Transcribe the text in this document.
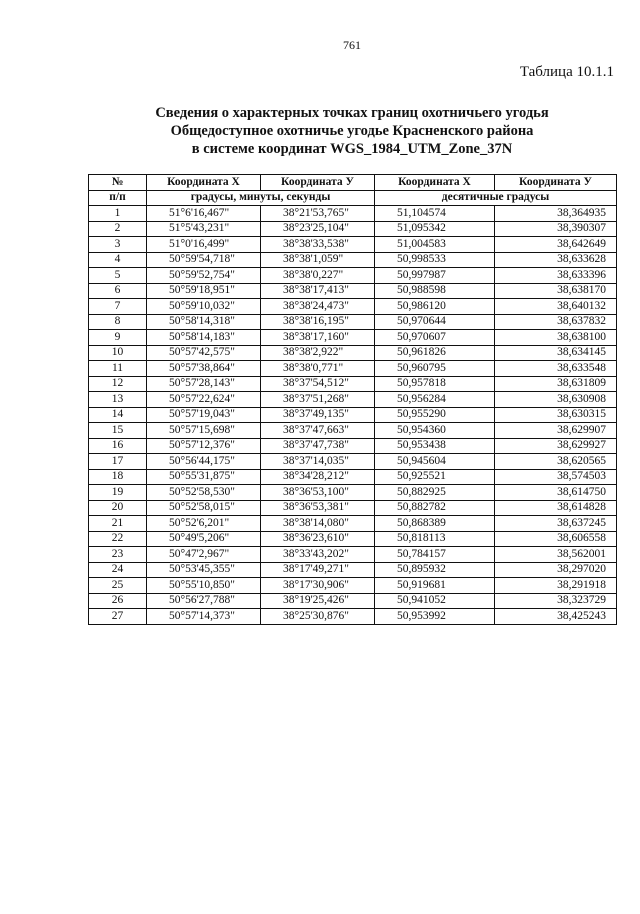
761
Таблица 10.1.1
Сведения о характерных точках границ охотничьего угодья
Общедоступное охотничье угодье Красненского района
в системе координат WGS_1984_UTM_Zone_37N
№	Координата X	Координата У	Координата X	Координата У
п/п	градусы, минуты, секунды		десятичные градусы	
1	51°6'16,467"	38°21'53,765"	51,104574	38,364935
2	51°5'43,231"	38°23'25,104"	51,095342	38,390307
3	51°0'16,499"	38°38'33,538"	51,004583	38,642649
4	50°59'54,718"	38°38'1,059"	50,998533	38,633628
5	50°59'52,754"	38°38'0,227"	50,997987	38,633396
6	50°59'18,951"	38°38'17,413"	50,988598	38,638170
7	50°59'10,032"	38°38'24,473"	50,986120	38,640132
8	50°58'14,318"	38°38'16,195"	50,970644	38,637832
9	50°58'14,183"	38°38'17,160"	50,970607	38,638100
10	50°57'42,575"	38°38'2,922"	50,961826	38,634145
11	50°57'38,864"	38°38'0,771"	50,960795	38,633548
12	50°57'28,143"	38°37'54,512"	50,957818	38,631809
13	50°57'22,624"	38°37'51,268"	50,956284	38,630908
14	50°57'19,043"	38°37'49,135"	50,955290	38,630315
15	50°57'15,698"	38°37'47,663"	50,954360	38,629907
16	50°57'12,376"	38°37'47,738"	50,953438	38,629927
17	50°56'44,175"	38°37'14,035"	50,945604	38,620565
18	50°55'31,875"	38°34'28,212"	50,925521	38,574503
19	50°52'58,530"	38°36'53,100"	50,882925	38,614750
20	50°52'58,015"	38°36'53,381"	50,882782	38,614828
21	50°52'6,201"	38°38'14,080"	50,868389	38,637245
22	50°49'5,206"	38°36'23,610"	50,818113	38,606558
23	50°47'2,967"	38°33'43,202"	50,784157	38,562001
24	50°53'45,355"	38°17'49,271"	50,895932	38,297020
25	50°55'10,850"	38°17'30,906"	50,919681	38,291918
26	50°56'27,788"	38°19'25,426"	50,941052	38,323729
27	50°57'14,373"	38°25'30,876"	50,953992	38,425243
